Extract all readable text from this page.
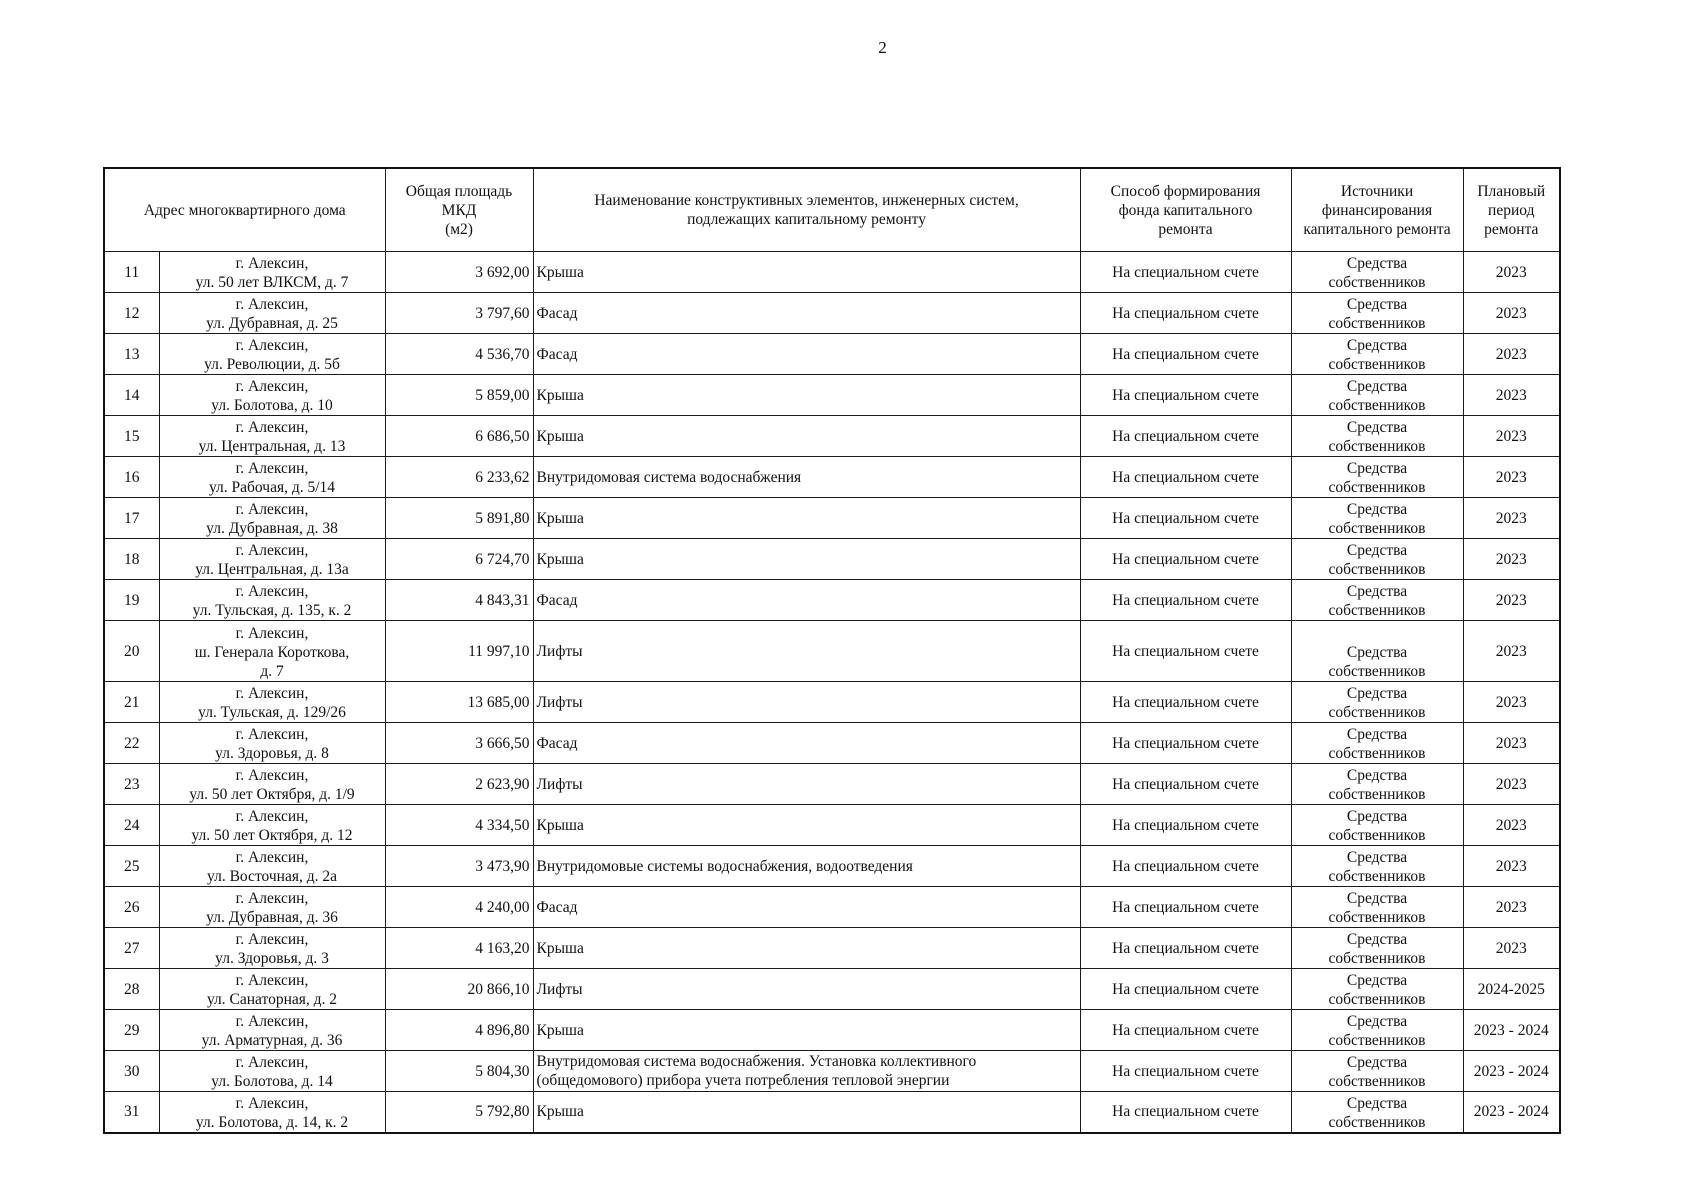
2
Адрес многоквартирного дома		Общая площадь
МКД
(м2)	Наименование конструктивных элементов, инженерных систем,
подлежащих капитальному ремонту	Способ формирования
фонда капитального
ремонта	Источники
финансирования
капитального ремонта	Плановый
период
ремонта
11	г. Алексин,
ул. 50 лет ВЛКСМ, д. 7	3 692,00	Крыша	На специальном счете	Средства
собственников	2023
12	г. Алексин,
ул. Дубравная, д. 25	3 797,60	Фасад	На специальном счете	Средства
собственников	2023
13	г. Алексин,
ул. Революции, д. 5б	4 536,70	Фасад	На специальном счете	Средства
собственников	2023
14	г. Алексин,
ул. Болотова, д. 10	5 859,00	Крыша	На специальном счете	Средства
собственников	2023
15	г. Алексин,
ул. Центральная, д. 13	6 686,50	Крыша	На специальном счете	Средства
собственников	2023
16	г. Алексин,
ул. Рабочая, д. 5/14	6 233,62	Внутридомовая система водоснабжения	На специальном счете	Средства
собственников	2023
17	г. Алексин,
ул. Дубравная, д. 38	5 891,80	Крыша	На специальном счете	Средства
собственников	2023
18	г. Алексин,
ул. Центральная, д. 13а	6 724,70	Крыша	На специальном счете	Средства
собственников	2023
19	г. Алексин,
ул. Тульская, д. 135, к. 2	4 843,31	Фасад	На специальном счете	Средства
собственников	2023
20	г. Алексин,
ш. Генерала Короткова,
д. 7	11 997,10	Лифты	На специальном счете	Средства
собственников	2023
21	г. Алексин,
ул. Тульская, д. 129/26	13 685,00	Лифты	На специальном счете	Средства
собственников	2023
22	г. Алексин,
ул. Здоровья, д. 8	3 666,50	Фасад	На специальном счете	Средства
собственников	2023
23	г. Алексин,
ул. 50 лет Октября, д. 1/9	2 623,90	Лифты	На специальном счете	Средства
собственников	2023
24	г. Алексин,
ул. 50 лет Октября, д. 12	4 334,50	Крыша	На специальном счете	Средства
собственников	2023
25	г. Алексин,
ул. Восточная, д. 2а	3 473,90	Внутридомовые системы водоснабжения, водоотведения	На специальном счете	Средства
собственников	2023
26	г. Алексин,
ул. Дубравная, д. 36	4 240,00	Фасад	На специальном счете	Средства
собственников	2023
27	г. Алексин,
ул. Здоровья, д. 3	4 163,20	Крыша	На специальном счете	Средства
собственников	2023
28	г. Алексин,
ул. Санаторная, д. 2	20 866,10	Лифты	На специальном счете	Средства
собственников	2024-2025
29	г. Алексин,
ул. Арматурная, д. 36	4 896,80	Крыша	На специальном счете	Средства
собственников	2023 - 2024
30	г. Алексин,
ул. Болотова, д. 14	5 804,30	Внутридомовая система водоснабжения. Установка коллективного
(общедомового) прибора учета потребления тепловой энергии	На специальном счете	Средства
собственников	2023 - 2024
31	г. Алексин,
ул. Болотова, д. 14, к. 2	5 792,80	Крыша	На специальном счете	Средства
собственников	2023 - 2024
